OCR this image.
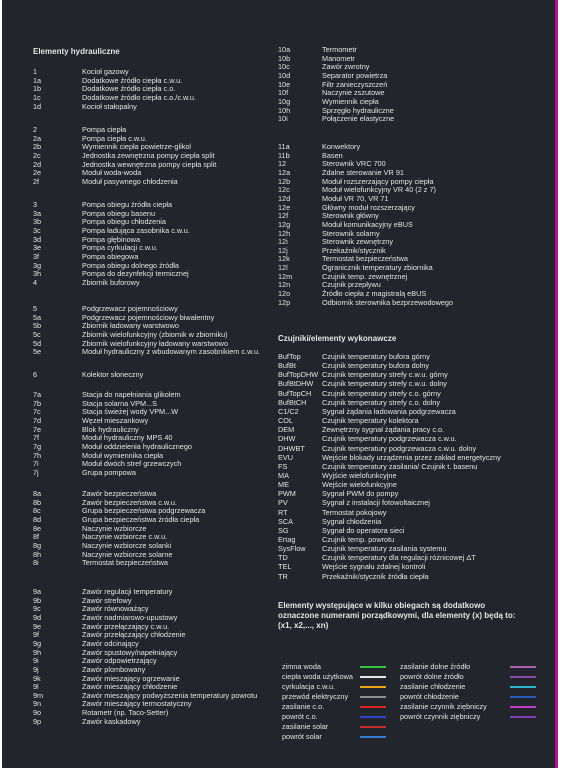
Elementy hydrauliczne
1	Kocioł gazowy
1a	Dodatkowe źródło ciepła c.w.u.
1b	Dodatkowe źródło ciepła c.o.
1c	Dodatkowe źródło ciepła c.o./c.w.u.
1d	Kocioł stałopalny
2	Pompa ciepła
2a	Pompa ciepła c.w.u.
2b	Wymiennik ciepła powietrze-glikol
2c	Jednostka zewnętrzna pompy ciepła split
2d	Jednostka wewnętrzna pompy ciepła split
2e	Moduł woda-woda
2f	Moduł pasywnego chłodzenia
3	Pompa obiegu źródła ciepła
3a	Pompa obiegu basenu
3b	Pompa obiegu chłodzenia
3c	Pompa ładująca zasobnika c.w.u.
3d	Pompa głębinowa
3e	Pompa cyrkulacji c.w.u.
3f	Pompa obiegowa
3g	Pompa obiegu dolnego źródła
3h	Pompa do dezynfekcji termicznej
4	Zbiornik buforowy
5	Podgrzewacz pojemnościowy
5a	Podgrzewacz pojemnościowy biwalentny
5b	Zbiornik ładowany warstwowo
5c	Zbiornik wielofunkcyjny (zbiornik w zbiorniku)
5d	Zbiornik wielofunkcyjny ładowany warstwowo
5e	Moduł hydrauliczny z wbudowanym zasobnikiem c.w.u.
6	Kolektor słoneczny
7a	Stacja do napełniania glikolem
7b	Stacja solarna VPM...S
7c	Stacja świeżej wody VPM...W
7d	Węzeł mieszankowy
7e	Blok hydrauliczny
7f	Moduł hydrauliczny MPS 40
7g	Moduł oddzielenia hydraulicznego
7h	Moduł wymiennika ciepła
7i	Moduł dwóch stref grzewczych
7j	Grupa pompowa
8a	Zawór bezpieczeństwa
8b	Zawór bezpieczeństwa c.w.u.
8c	Grupa bezpieczeństwa podgrzewacza
8d	Grupa bezpieczeństwa źródła ciepła
8e	Naczynie wzbiorcze
8f	Naczynie wzbiorcze c.w.u.
8g	Naczynie wzbiorcze solanki
8h	Naczynie wzbiorcze solarne
8i	Termostat bezpieczeństwa
9a	Zawór regulacji temperatury
9b	Zawór strefowy
9c	Zawór równoważący
9d	Zawór nadmiarowo-upustowy
9e	Zawór przełączający c.w.u.
9f	Zawór przełączający chłodzenie
9g	Zawór odcinający
9h	Zawór spustowy/napełniający
9i	Zawór odpowietrzający
9j	Zawór plombowany
9k	Zawór mieszający ogrzewanie
9l	Zawór mieszający chłodzenie
9m	Zawór mieszający podwyższenia temperatury powrotu
9n	Zawór mieszający termostatyczny
9o	Rotametr (np. Taco-Setter)
9p	Zawór kaskadowy
10a	Termometr
10b	Manometr
10c	Zawór zwrotny
10d	Separator powietrza
10e	Filtr zanieczyszczeń
10f	Naczynie zszutowe
10g	Wymiennik ciepła
10h	Sprzęgło hydrauliczne
10i	Połączenie elastyczne
11a	Konwektory
11b	Basen
12	Sterownik VRC 700
12a	Zdalne sterowanie VR 91
12b	Moduł rozszerzający pompy ciepła
12c	Moduł wielofunkcyjny VR 40 (2 z 7)
12d	Moduł VR 70, VR 71
12e	Główny moduł rozszerzający
12f	Sterownik główny
12g	Moduł komunikacyjny eBUS
12h	Sterownik solarny
12i	Sterownik zewnętrzny
12j	Przekaźnik/stycznik
12k	Termostat bezpieczeństwa
12l	Ogranicznik temperatury zbiornika
12m	Czujnik temp. zewnętrznej
12n	Czujnik przepływu
12o	Źródło ciepła z magistralą eBUS
12p	Odbiornik sterownika bezprzewodowego
BufTop	Czujnik temperatury bufora górny
BufBt	Czujnik temperatury bufora dolny
BufTopDHW Czujnik temperatury strefy c.w.u. górny
BufBtDHW Czujnik temperatury strefy c.w.u. dolny
BufTopCH Czujnik temperatury strefy c.o. górny
BufBtCH Czujnik temperatury strefy c.o. dolny
C1/C2	Sygnał żądania ładowania podgrzewacza
COL	Czujnik temperatury kolektora
DEM	Zewnętrzny sygnał żądania pracy c.o.
DHW	Czujnik temperatury podgrzewacza c.w.u.
DHWBT Czujnik temperatury podgrzewacza c.w.u. dolny
EVU	Wejście blokady urządzenia przez zakład energetyczny
FS	Czujnik temperatury zasilania/ Czujnik t. basenu
MA	Wyjście wielofunkcyjne
ME	Wejście wielofunkcyjne
PWM	Sygnał PWM do pompy
PV	Sygnał z instalacji fotowoltaicznej
RT	Termostat pokojowy
SCA	Sygnał chłodzenia
SG	Sygnał do operatora sieci
Ertag	Czujnik temp. powrotu
SysFlow Czujnik temperatury zasilania systemu
TD	Czujnik temperatury dla regulacji różnicowej ΔT
TEL	Wejście sygnału zdalnej kontroli
TR	Przekaźnik/stycznik źródła ciepła
Czujniki/elementy wykonawcze
Elementy występujące w kilku obiegach są dodatkowo
oznaczone numerami porządkowymi, dla elementy (x) będą to:
(x1, x2,..., xn)
zimna woda
ciepła woda użytkowa
cyrkulacja c.w.u.
przewód elektryczny
zasilanie c.o.
powrót c.o.
zasilanie solar
powrót solar
zasilanie dolne źródło
powrót dolne źródło
zasilanie chłodzenie
powrót chłodzenie
zasilanie czynnik ziębniczy
powrót czynnik ziębniczy
